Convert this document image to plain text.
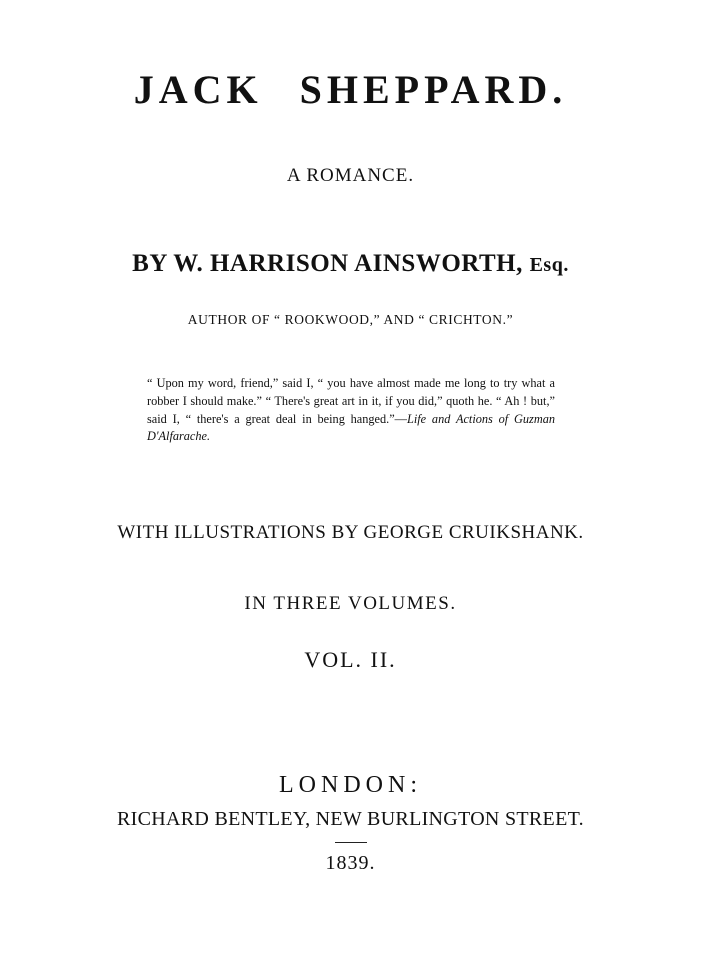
JACK SHEPPARD.
A ROMANCE.
BY W. HARRISON AINSWORTH, Esq.
AUTHOR OF “ ROOKWOOD,” AND “ CRICHTON.”
“ Upon my word, friend,” said I, “ you have almost made me long to try what a robber I should make.” “ There's great art in it, if you did,” quoth he. “ Ah ! but,” said I, “ there's a great deal in being hanged.”—Life and Actions of Guzman D'Alfarache.
WITH ILLUSTRATIONS BY GEORGE CRUIKSHANK.
IN THREE VOLUMES.
VOL. II.
LONDON:
RICHARD BENTLEY, NEW BURLINGTON STREET.
1839.
